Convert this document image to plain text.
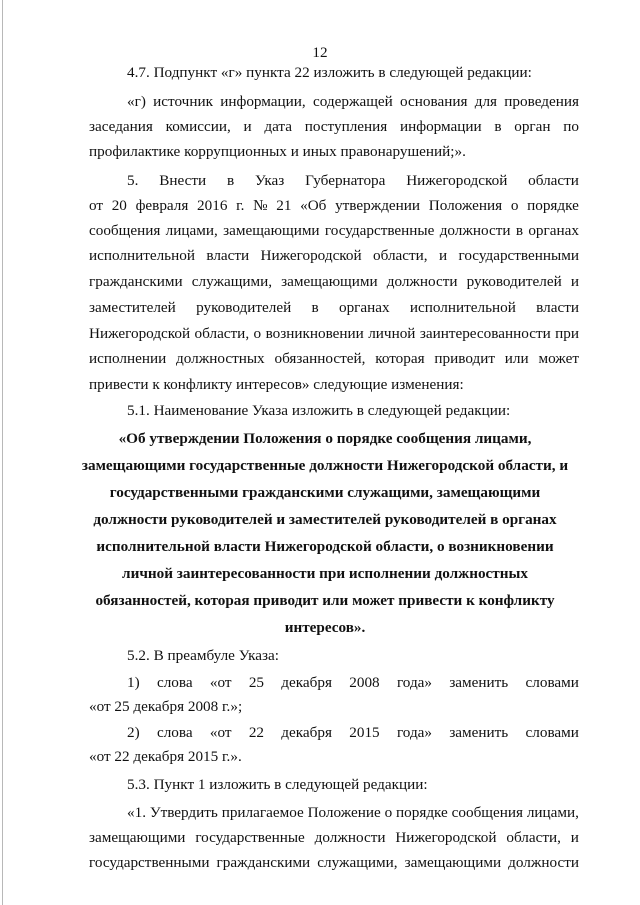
12
4.7. Подпункт «г» пункта 22 изложить в следующей редакции:
«г) источник информации, содержащей основания для проведения
заседания комиссии, и дата поступления информации в орган по
профилактике коррупционных и иных правонарушений;».
5. Внести в Указ Губернатора Нижегородской области
от 20 февраля 2016 г. № 21 «Об утверждении Положения о порядке
сообщения лицами, замещающими государственные должности в органах
исполнительной власти Нижегородской области, и государственными
гражданскими служащими, замещающими должности руководителей и
заместителей руководителей в органах исполнительной власти
Нижегородской области, о возникновении личной заинтересованности при
исполнении должностных обязанностей, которая приводит или может
привести к конфликту интересов» следующие изменения:
5.1. Наименование Указа изложить в следующей редакции:
«Об утверждении Положения о порядке сообщения лицами,
замещающими государственные должности Нижегородской области, и
государственными гражданскими служащими, замещающими
должности руководителей и заместителей руководителей в органах
исполнительной власти Нижегородской области, о возникновении
личной заинтересованности при исполнении должностных
обязанностей, которая приводит или может привести к конфликту
интересов».
5.2. В преамбуле Указа:
1) слова «от 25 декабря 2008 года» заменить словами
«от 25 декабря 2008 г.»;
2) слова «от 22 декабря 2015 года» заменить словами
«от 22 декабря 2015 г.».
5.3. Пункт 1 изложить в следующей редакции:
«1. Утвердить прилагаемое Положение о порядке сообщения лицами,
замещающими государственные должности Нижегородской области, и
государственными гражданскими служащими, замещающими должности
